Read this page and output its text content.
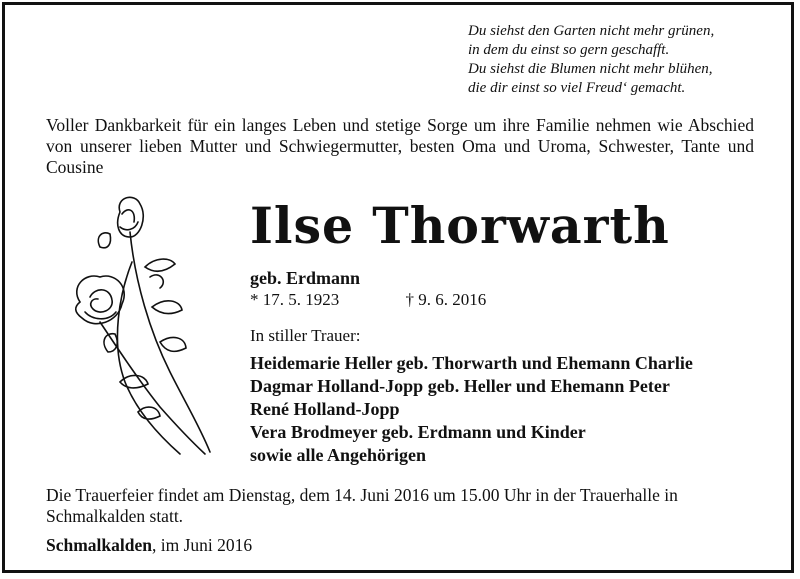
Du siehst den Garten nicht mehr grünen,
in dem du einst so gern geschafft.
Du siehst die Blumen nicht mehr blühen,
die dir einst so viel Freud‘ gemacht.
Voller Dankbarkeit für ein langes Leben und stetige Sorge um ihre Familie nehmen wie Abschied von unserer lieben Mutter und Schwiegermutter, besten Oma und Uroma, Schwester, Tante und Cousine
Ilse Thorwarth
geb. Erdmann
* 17. 5. 1923	† 9. 6. 2016
In stiller Trauer:
Heidemarie Heller geb. Thorwarth und Ehemann Charlie
Dagmar Holland-Jopp geb. Heller und Ehemann Peter
René Holland-Jopp
Vera Brodmeyer geb. Erdmann und Kinder
sowie alle Angehörigen
Die Trauerfeier findet am Dienstag, dem 14. Juni 2016 um 15.00 Uhr in der Trauerhalle in Schmalkalden statt.
Schmalkalden, im Juni 2016
